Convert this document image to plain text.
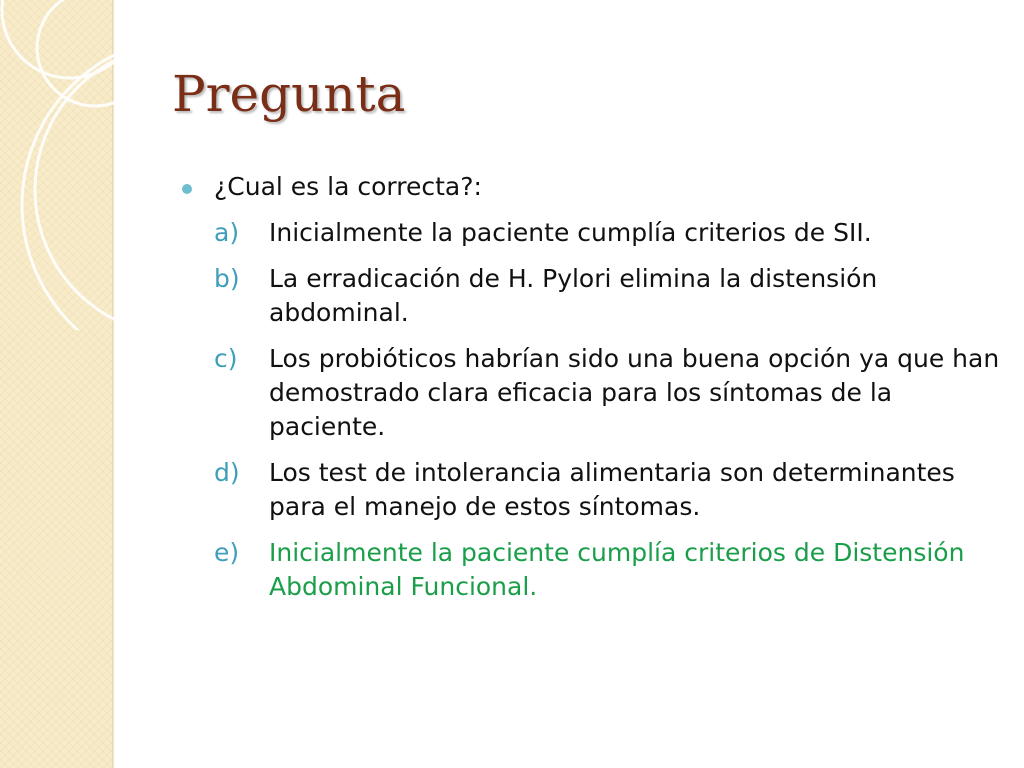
Pregunta
¿Cual es la correcta?:
a) Inicialmente la paciente cumplía criterios de SII.
b) La erradicación de H. Pylori elimina la distensión abdominal.
c) Los probióticos habrían sido una buena opción ya que han demostrado clara eficacia para los síntomas de la paciente.
d) Los test de intolerancia alimentaria son determinantes para el manejo de estos síntomas.
e) Inicialmente la paciente cumplía criterios de Distensión Abdominal Funcional.
